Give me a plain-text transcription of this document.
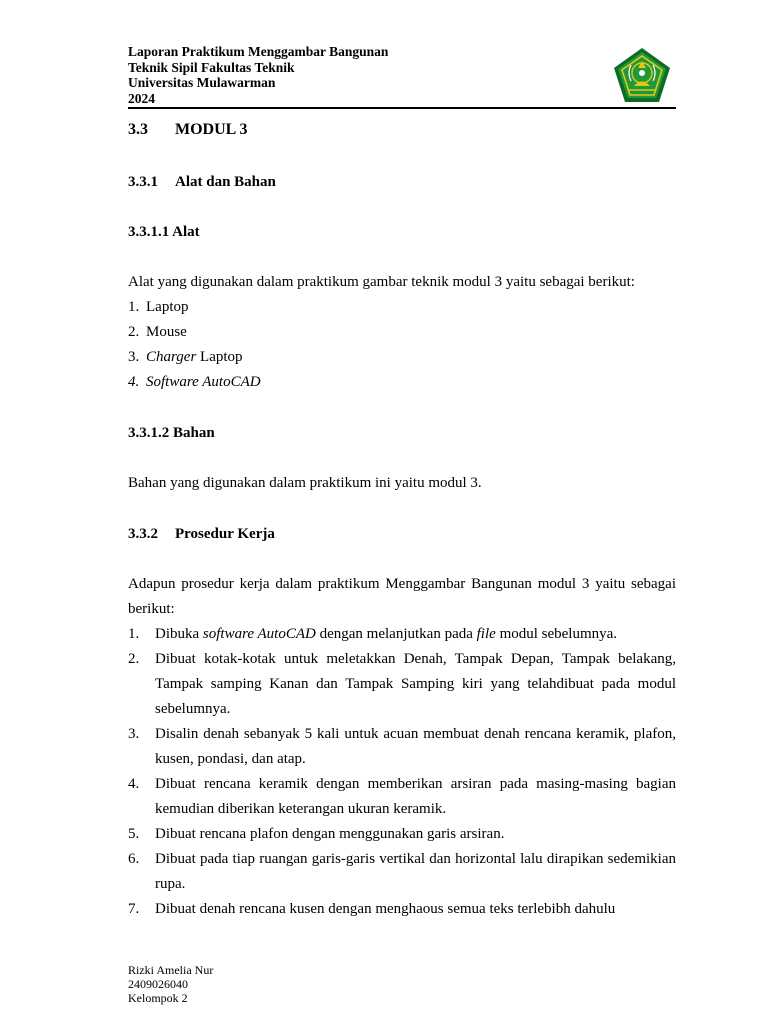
Laporan Praktikum Menggambar Bangunan
Teknik Sipil Fakultas Teknik
Universitas Mulawarman
2024
3.3 MODUL 3
3.3.1 Alat dan Bahan
3.3.1.1 Alat
Alat yang digunakan dalam praktikum gambar teknik modul 3 yaitu sebagai berikut:
1. Laptop
2. Mouse
3. Charger Laptop
4. Software AutoCAD
3.3.1.2 Bahan
Bahan yang digunakan dalam praktikum ini yaitu modul 3.
3.3.2 Prosedur Kerja
Adapun prosedur kerja dalam praktikum Menggambar Bangunan modul 3 yaitu sebagai berikut:
1. Dibuka software AutoCAD dengan melanjutkan pada file modul sebelumnya.
2. Dibuat kotak-kotak untuk meletakkan Denah, Tampak Depan, Tampak belakang, Tampak samping Kanan dan Tampak Samping kiri yang telahdibuat pada modul sebelumnya.
3. Disalin denah sebanyak 5 kali untuk acuan membuat denah rencana keramik, plafon, kusen, pondasi, dan atap.
4. Dibuat rencana keramik dengan memberikan arsiran pada masing-masing bagian kemudian diberikan keterangan ukuran keramik.
5. Dibuat rencana plafon dengan menggunakan garis arsiran.
6. Dibuat pada tiap ruangan garis-garis vertikal dan horizontal lalu dirapikan sedemikian rupa.
7. Dibuat denah rencana kusen dengan menghaous semua teks terlebibh dahulu
Rizki Amelia Nur
2409026040
Kelompok 2
